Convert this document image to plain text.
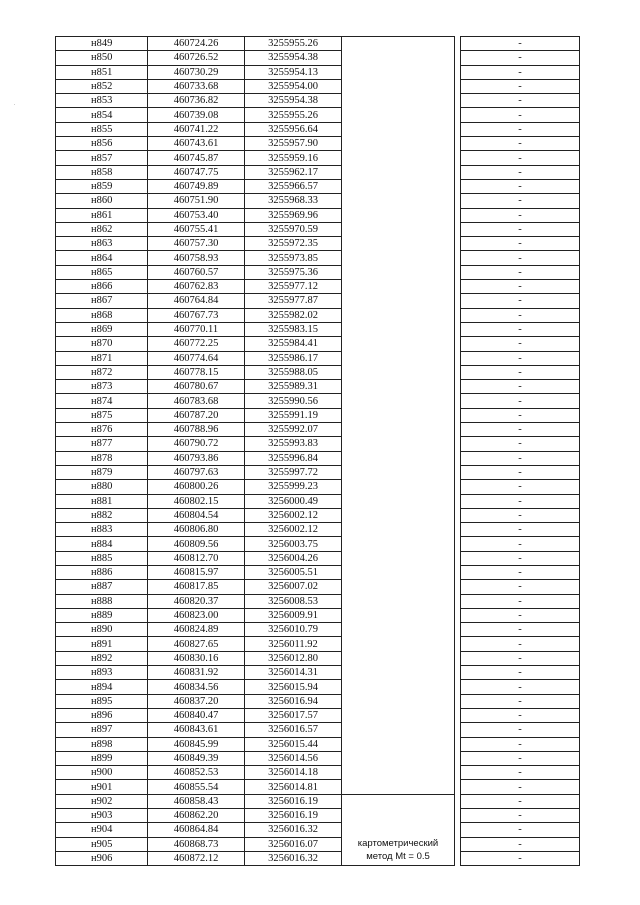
н849	460724.26	3255955.26			-
н850	460726.52	3255954.38			-
н851	460730.29	3255954.13			-
н852	460733.68	3255954.00			-
н853	460736.82	3255954.38			-
н854	460739.08	3255955.26			-
н855	460741.22	3255956.64			-
н856	460743.61	3255957.90			-
н857	460745.87	3255959.16			-
н858	460747.75	3255962.17			-
н859	460749.89	3255966.57			-
н860	460751.90	3255968.33			-
н861	460753.40	3255969.96			-
н862	460755.41	3255970.59			-
н863	460757.30	3255972.35			-
н864	460758.93	3255973.85			-
н865	460760.57	3255975.36			-
н866	460762.83	3255977.12			-
н867	460764.84	3255977.87			-
н868	460767.73	3255982.02			-
н869	460770.11	3255983.15			-
н870	460772.25	3255984.41			-
н871	460774.64	3255986.17			-
н872	460778.15	3255988.05			-
н873	460780.67	3255989.31			-
н874	460783.68	3255990.56			-
н875	460787.20	3255991.19			-
н876	460788.96	3255992.07			-
н877	460790.72	3255993.83			-
н878	460793.86	3255996.84			-
н879	460797.63	3255997.72			-
н880	460800.26	3255999.23			-
н881	460802.15	3256000.49			-
н882	460804.54	3256002.12			-
н883	460806.80	3256002.12			-
н884	460809.56	3256003.75			-
н885	460812.70	3256004.26			-
н886	460815.97	3256005.51			-
н887	460817.85	3256007.02			-
н888	460820.37	3256008.53			-
н889	460823.00	3256009.91			-
н890	460824.89	3256010.79			-
н891	460827.65	3256011.92			-
н892	460830.16	3256012.80			-
н893	460831.92	3256014.31			-
н894	460834.56	3256015.94			-
н895	460837.20	3256016.94			-
н896	460840.47	3256017.57			-
н897	460843.61	3256016.57			-
н898	460845.99	3256015.44			-
н899	460849.39	3256014.56			-
н900	460852.53	3256014.18			-
н901	460855.54	3256014.81			-
н902	460858.43	3256016.19	картометрический
метод Mt = 0.5		-
н903	460862.20	3256016.19			-
н904	460864.84	3256016.32			-
н905	460868.73	3256016.07			-
н906	460872.12	3256016.32			-
